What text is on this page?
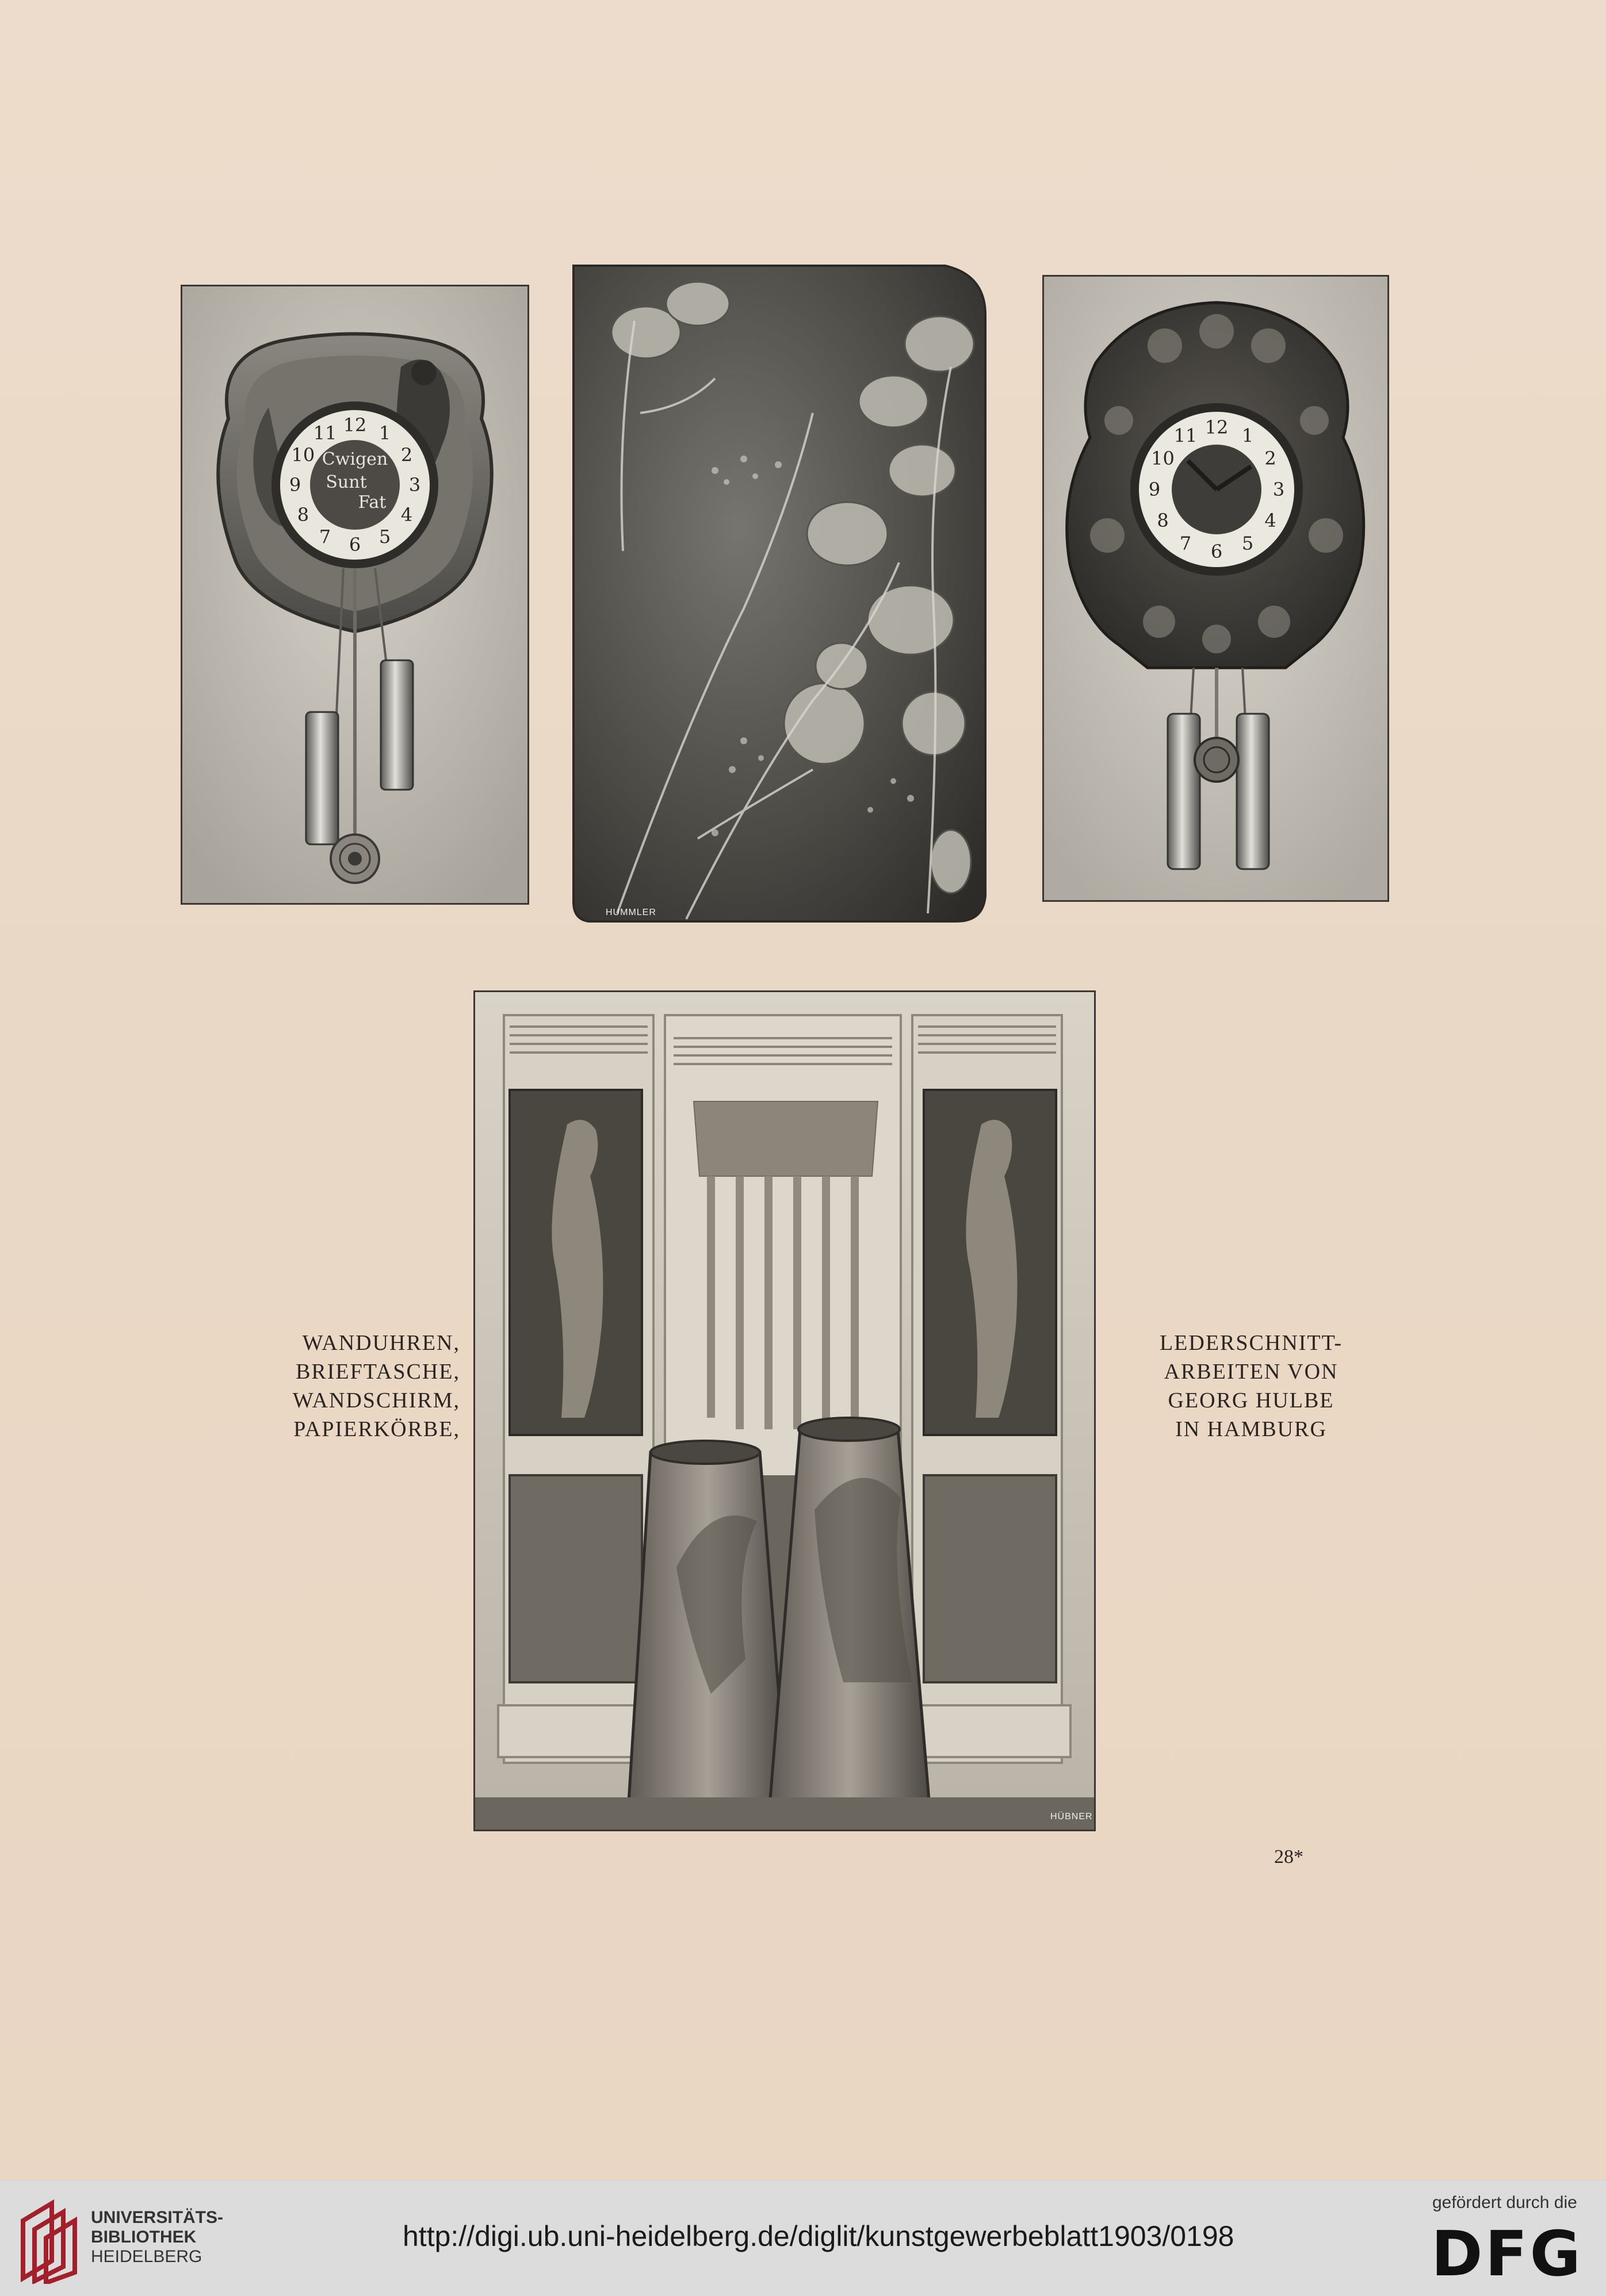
Cwigen
Sunt
Fat
12 1
2
3
4
5
6
7
8
9
10
11
HUMMLER
12 1
2
3
4
5
6
7
8
9
10
11
HÜBNER
WANDUHREN,
BRIEFTASCHE,
WANDSCHIRM,
PAPIERKÖRBE,
LEDERSCHNITT-
ARBEITEN VON
GEORG HULBE
IN HAMBURG
28*
UNIVERSITÄTS-
BIBLIOTHEK
HEIDELBERG
http://digi.ub.uni-heidelberg.de/diglit/kunstgewerbeblatt1903/0198
gefördert durch die
DFG
